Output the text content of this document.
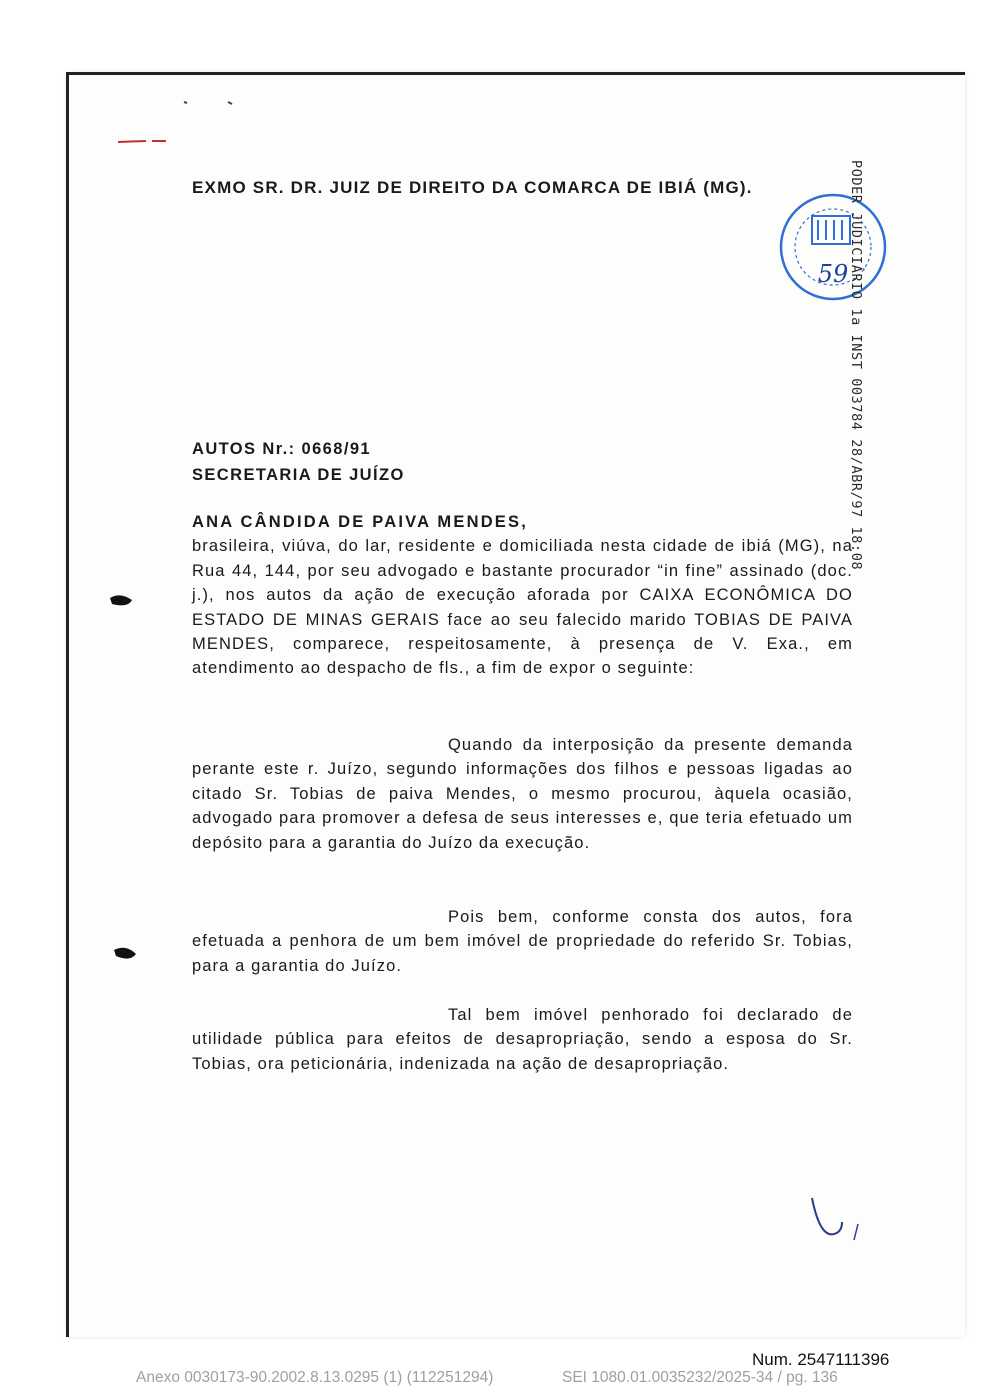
EXMO SR. DR. JUIZ DE DIREITO DA COMARCA DE IBIÁ (MG).
59 PODER JUDICIÁRIO 1a INST 003784 28/ABR/97 18:08
AUTOS Nr.: 0668/91
SECRETARIA DE JUÍZO
ANA CÂNDIDA DE PAIVA MENDES,
brasileira, viúva, do lar, residente e domiciliada nesta cidade de ibiá (MG), na Rua 44, 144, por seu advogado e bastante procurador “in fine” assinado (doc. j.), nos autos da ação de execução aforada por CAIXA ECONÔMICA DO ESTADO DE MINAS GERAIS face ao seu falecido marido TOBIAS DE PAIVA MENDES, comparece, respeitosamente, à presença de V. Exa., em atendimento ao despacho de fls., a fim de expor o seguinte:
Quando da interposição da presente demanda perante este r. Juízo, segundo informações dos filhos e pessoas ligadas ao citado Sr. Tobias de paiva Mendes, o mesmo procurou, àquela ocasião, advogado para promover a defesa de seus interesses e, que teria efetuado um depósito para a garantia do Juízo da execução.
Pois bem, conforme consta dos autos, fora efetuada a penhora de um bem imóvel de propriedade do referido Sr. Tobias, para a garantia do Juízo.
Tal bem imóvel penhorado foi declarado de utilidade pública para efeitos de desapropriação, sendo a esposa do Sr. Tobias, ora peticionária, indenizada na ação de desapropriação.
Num. 2547111396
Anexo 0030173-90.2002.8.13.0295 (1) (112251294)	SEI 1080.01.0035232/2025-34 / pg. 136
